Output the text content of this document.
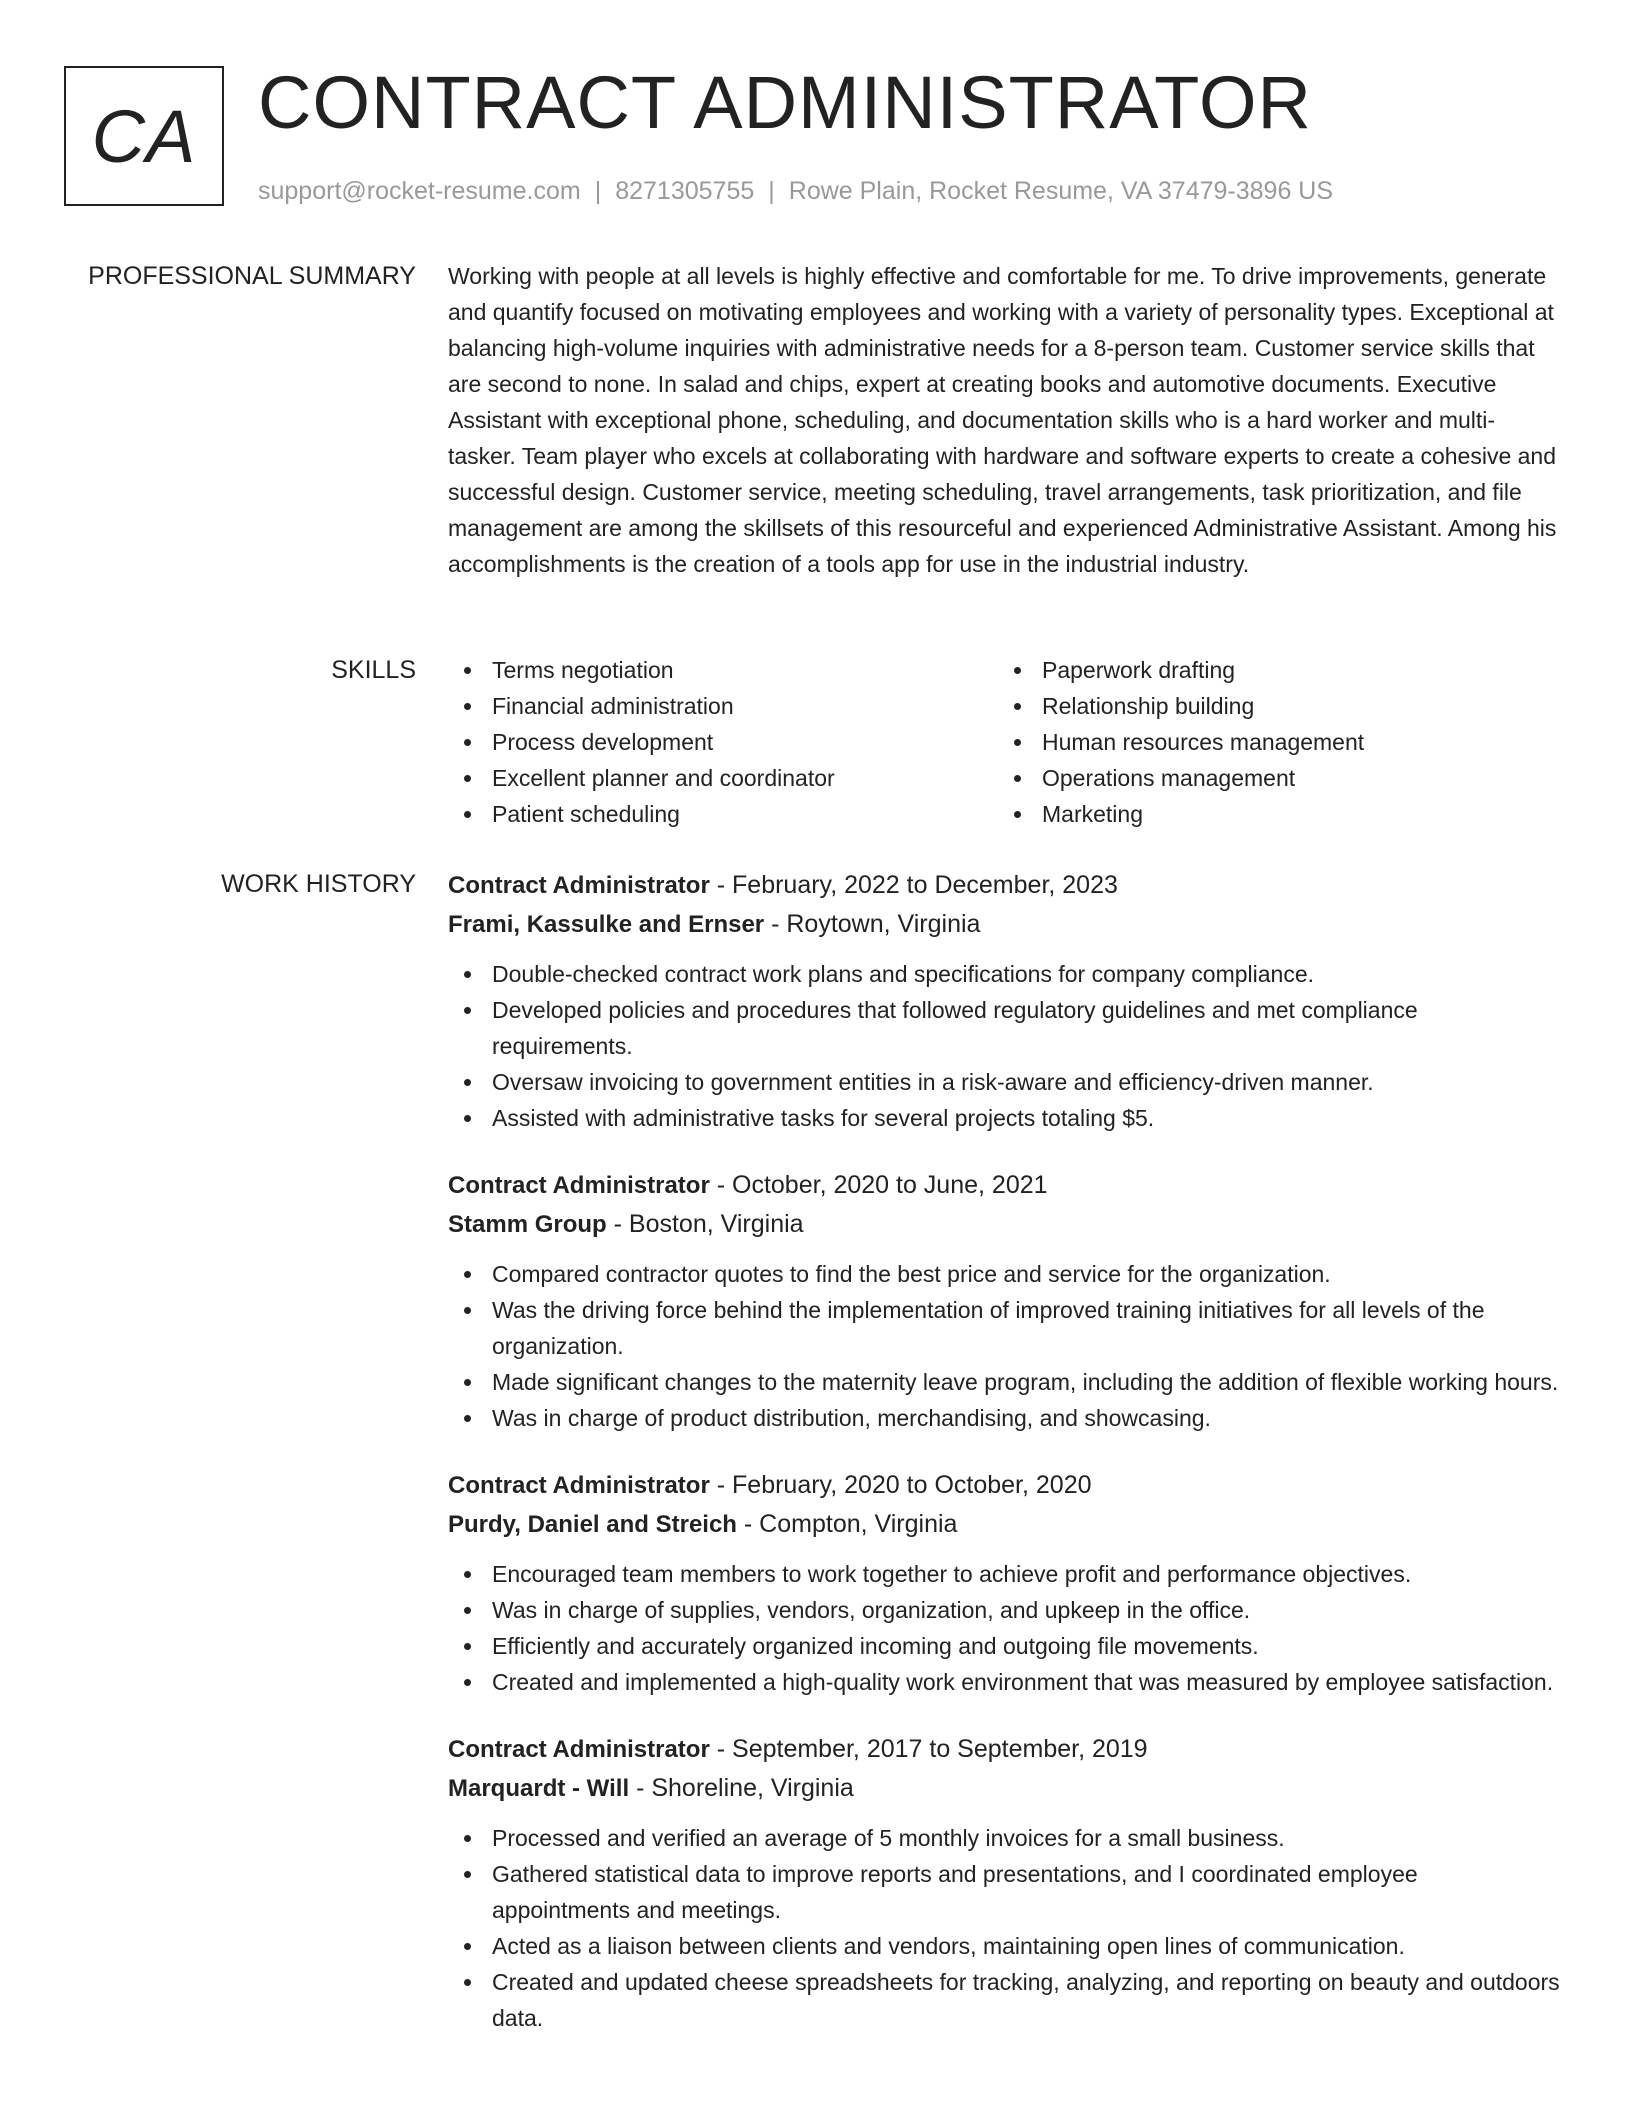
CA CONTRACT ADMINISTRATOR
support@rocket-resume.com | 8271305755 | Rowe Plain, Rocket Resume, VA 37479-3896 US
PROFESSIONAL SUMMARY Working with people at all levels is highly effective and comfortable for me. To drive improvements, generate and quantify focused on motivating employees and working with a variety of personality types. Exceptional at balancing high-volume inquiries with administrative needs for a 8-person team. Customer service skills that are second to none. In salad and chips, expert at creating books and automotive documents. Executive Assistant with exceptional phone, scheduling, and documentation skills who is a hard worker and multi-tasker. Team player who excels at collaborating with hardware and software experts to create a cohesive and successful design. Customer service, meeting scheduling, travel arrangements, task prioritization, and file management are among the skillsets of this resourceful and experienced Administrative Assistant. Among his accomplishments is the creation of a tools app for use in the industrial industry.

SKILLS	Terms negotiation
Financial administration
Process development
Excellent planner and coordinator
Patient scheduling
Paperwork drafting
Relationship building
Human resources management
Operations management
Marketing
WORK HISTORY Contract Administrator - February, 2022 to December, 2023
Frami, Kassulke and Ernser - Roytown, Virginia
Double-checked contract work plans and specifications for company compliance.
Developed policies and procedures that followed regulatory guidelines and met compliance requirements.
Oversaw invoicing to government entities in a risk-aware and efficiency-driven manner.
Assisted with administrative tasks for several projects totaling $5.
Contract Administrator - October, 2020 to June, 2021
Stamm Group - Boston, Virginia
Compared contractor quotes to find the best price and service for the organization.
Was the driving force behind the implementation of improved training initiatives for all levels of the organization.
Made significant changes to the maternity leave program, including the addition of flexible working hours.
Was in charge of product distribution, merchandising, and showcasing.
Contract Administrator - February, 2020 to October, 2020
Purdy, Daniel and Streich - Compton, Virginia
Encouraged team members to work together to achieve profit and performance objectives.
Was in charge of supplies, vendors, organization, and upkeep in the office.
Efficiently and accurately organized incoming and outgoing file movements.
Created and implemented a high-quality work environment that was measured by employee satisfaction.
Contract Administrator - September, 2017 to September, 2019
Marquardt - Will - Shoreline, Virginia
Processed and verified an average of 5 monthly invoices for a small business.
Gathered statistical data to improve reports and presentations, and I coordinated employee appointments and meetings.
Acted as a liaison between clients and vendors, maintaining open lines of communication.
Created and updated cheese spreadsheets for tracking, analyzing, and reporting on beauty and outdoors data.
